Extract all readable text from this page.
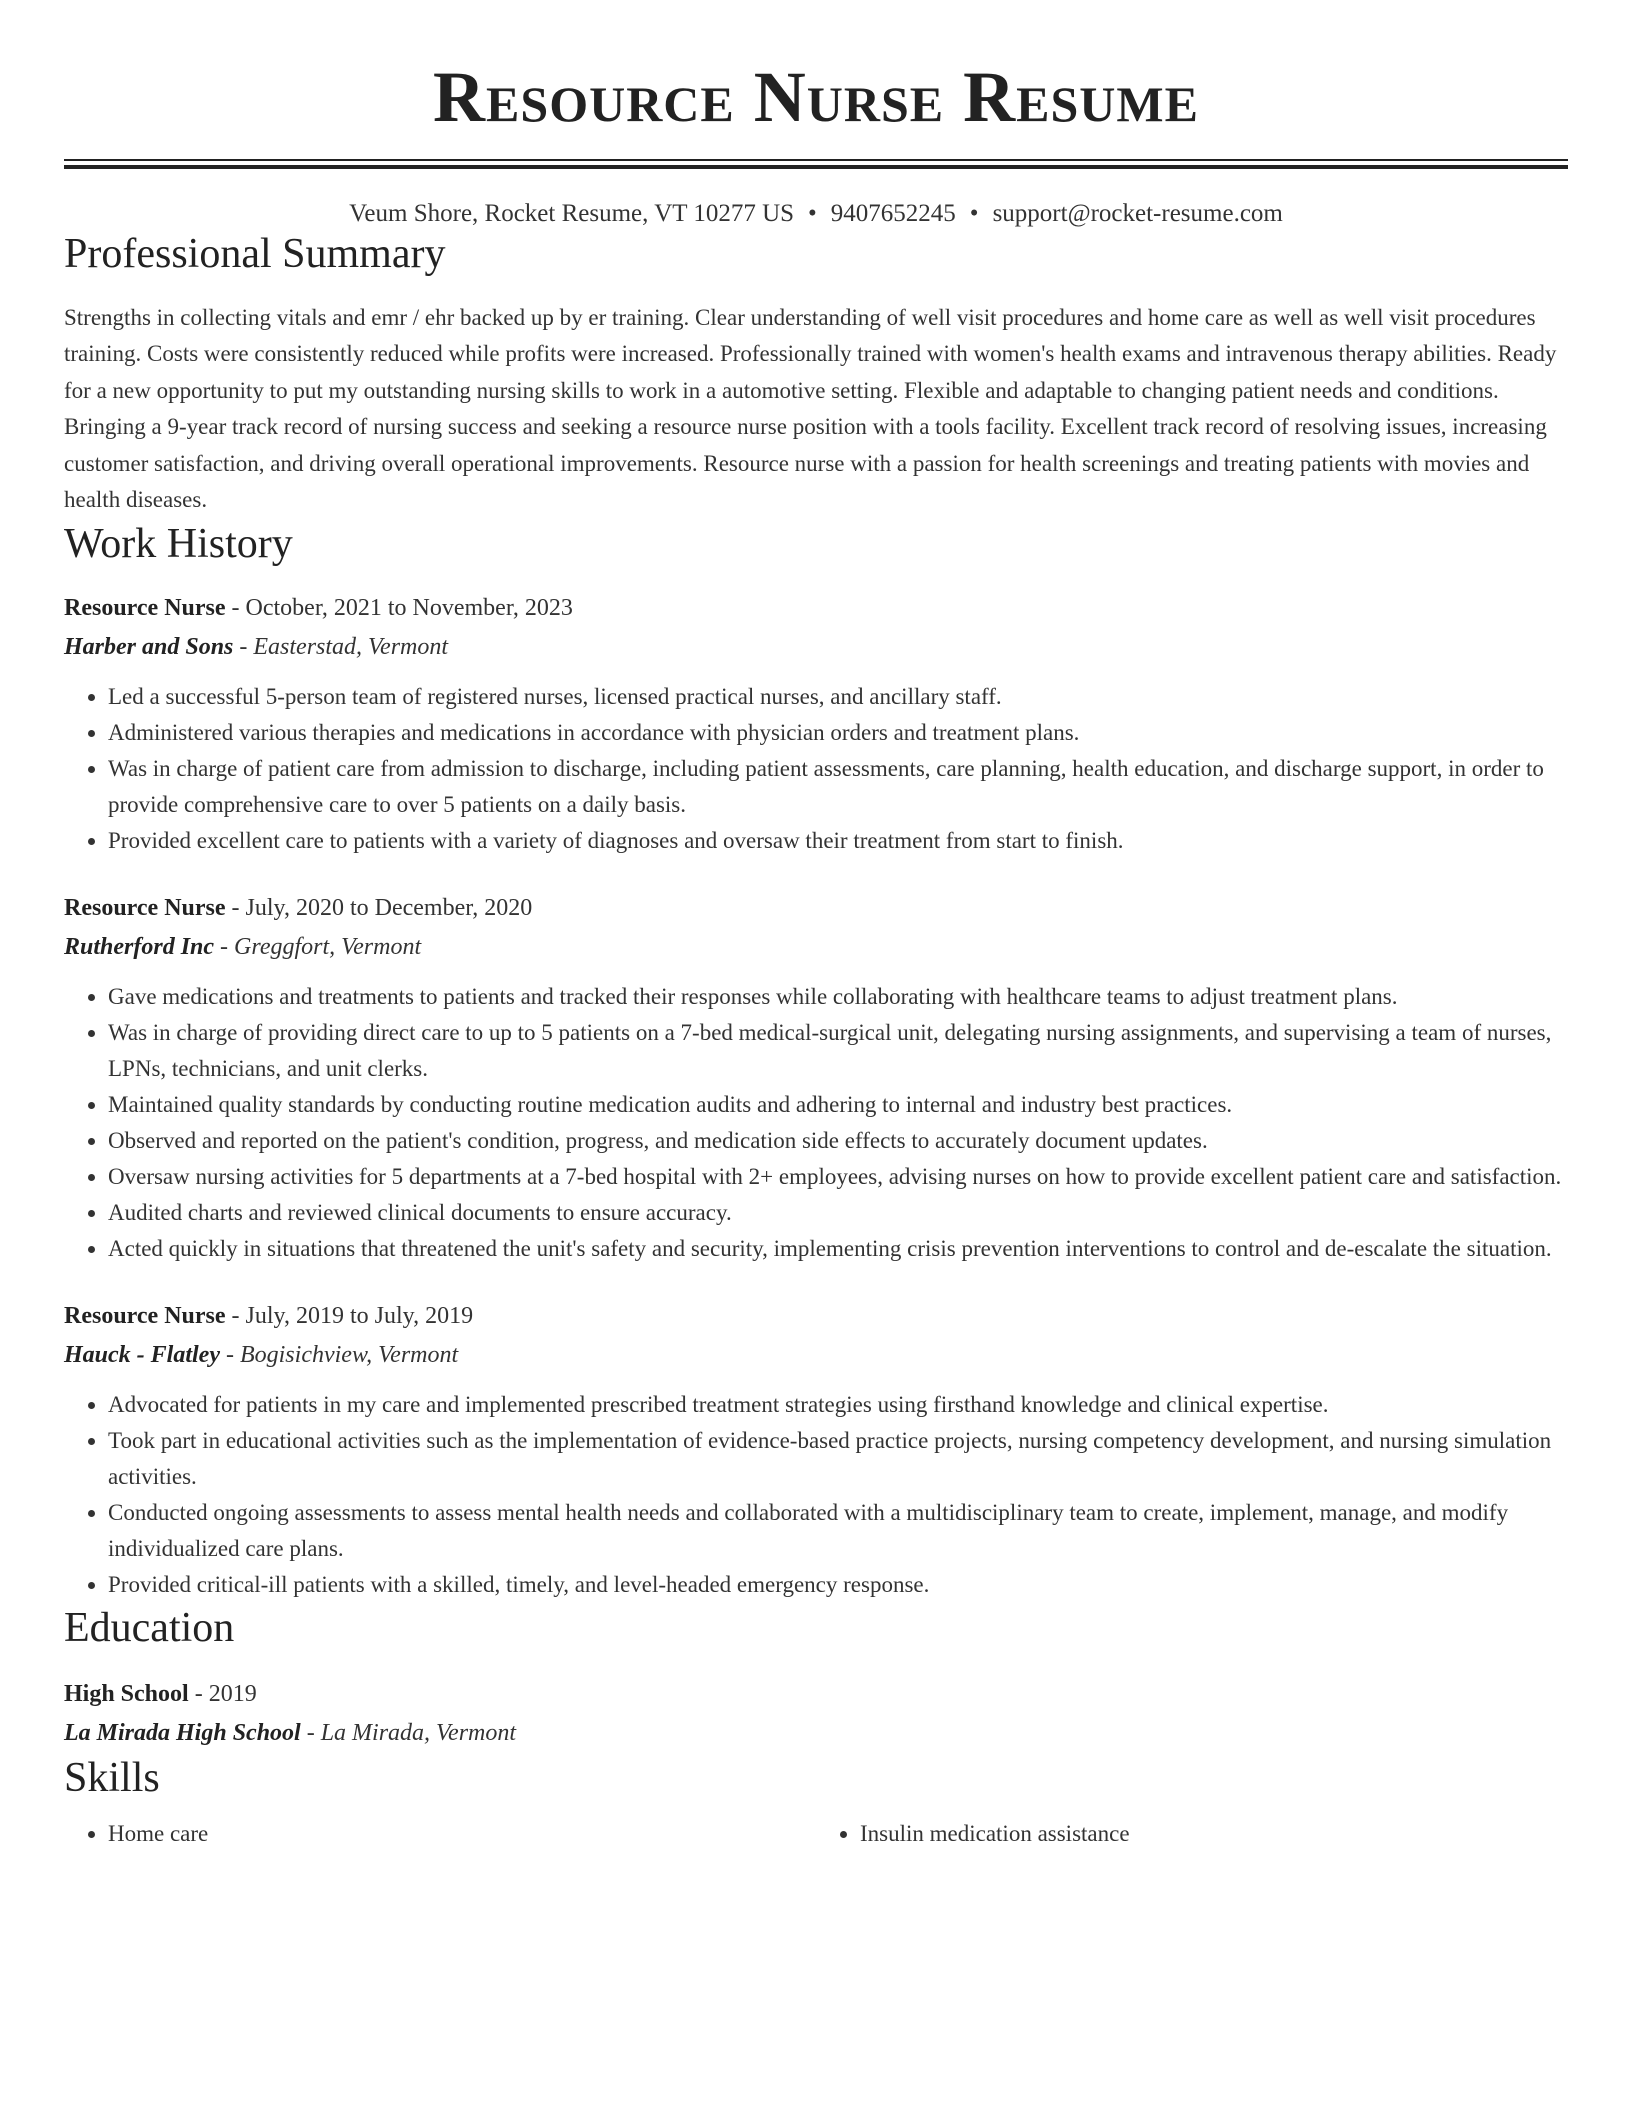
Resource Nurse Resume
Veum Shore, Rocket Resume, VT 10277 US • 9407652245 • support@rocket-resume.com
Professional Summary

Strengths in collecting vitals and emr / ehr backed up by er training. Clear understanding of well visit procedures and home care as well as well visit procedures training. Costs were consistently reduced while profits were increased. Professionally trained with women's health exams and intravenous therapy abilities. Ready for a new opportunity to put my outstanding nursing skills to work in a automotive setting. Flexible and adaptable to changing patient needs and conditions. Bringing a 9-year track record of nursing success and seeking a resource nurse position with a tools facility. Excellent track record of resolving issues, increasing customer satisfaction, and driving overall operational improvements. Resource nurse with a passion for health screenings and treating patients with movies and health diseases.

Work History
Resource Nurse - October, 2021 to November, 2023
Harber and Sons - Easterstad, Vermont
• Led a successful 5-person team of registered nurses, licensed practical nurses, and ancillary staff.
• Administered various therapies and medications in accordance with physician orders and treatment plans.
• Was in charge of patient care from admission to discharge, including patient assessments, care planning, health education, and discharge support, in order to provide comprehensive care to over 5 patients on a daily basis.
• Provided excellent care to patients with a variety of diagnoses and oversaw their treatment from start to finish.
Resource Nurse - July, 2020 to December, 2020
Rutherford Inc - Greggfort, Vermont
• Gave medications and treatments to patients and tracked their responses while collaborating with healthcare teams to adjust treatment plans.
• Was in charge of providing direct care to up to 5 patients on a 7-bed medical-surgical unit, delegating nursing assignments, and supervising a team of nurses, LPNs, technicians, and unit clerks.
• Maintained quality standards by conducting routine medication audits and adhering to internal and industry best practices.
• Observed and reported on the patient's condition, progress, and medication side effects to accurately document updates.
• Oversaw nursing activities for 5 departments at a 7-bed hospital with 2+ employees, advising nurses on how to provide excellent patient care and satisfaction.
• Audited charts and reviewed clinical documents to ensure accuracy.
• Acted quickly in situations that threatened the unit's safety and security, implementing crisis prevention interventions to control and de-escalate the situation.
Resource Nurse - July, 2019 to July, 2019
Hauck - Flatley - Bogisichview, Vermont
• Advocated for patients in my care and implemented prescribed treatment strategies using firsthand knowledge and clinical expertise.
• Took part in educational activities such as the implementation of evidence-based practice projects, nursing competency development, and nursing simulation activities.
• Conducted ongoing assessments to assess mental health needs and collaborated with a multidisciplinary team to create, implement, manage, and modify individualized care plans.
• Provided critical-ill patients with a skilled, timely, and level-headed emergency response.
Education
High School - 2019
La Mirada High School - La Mirada, Vermont
Skills
• Home care
•	Insulin medication assistance
